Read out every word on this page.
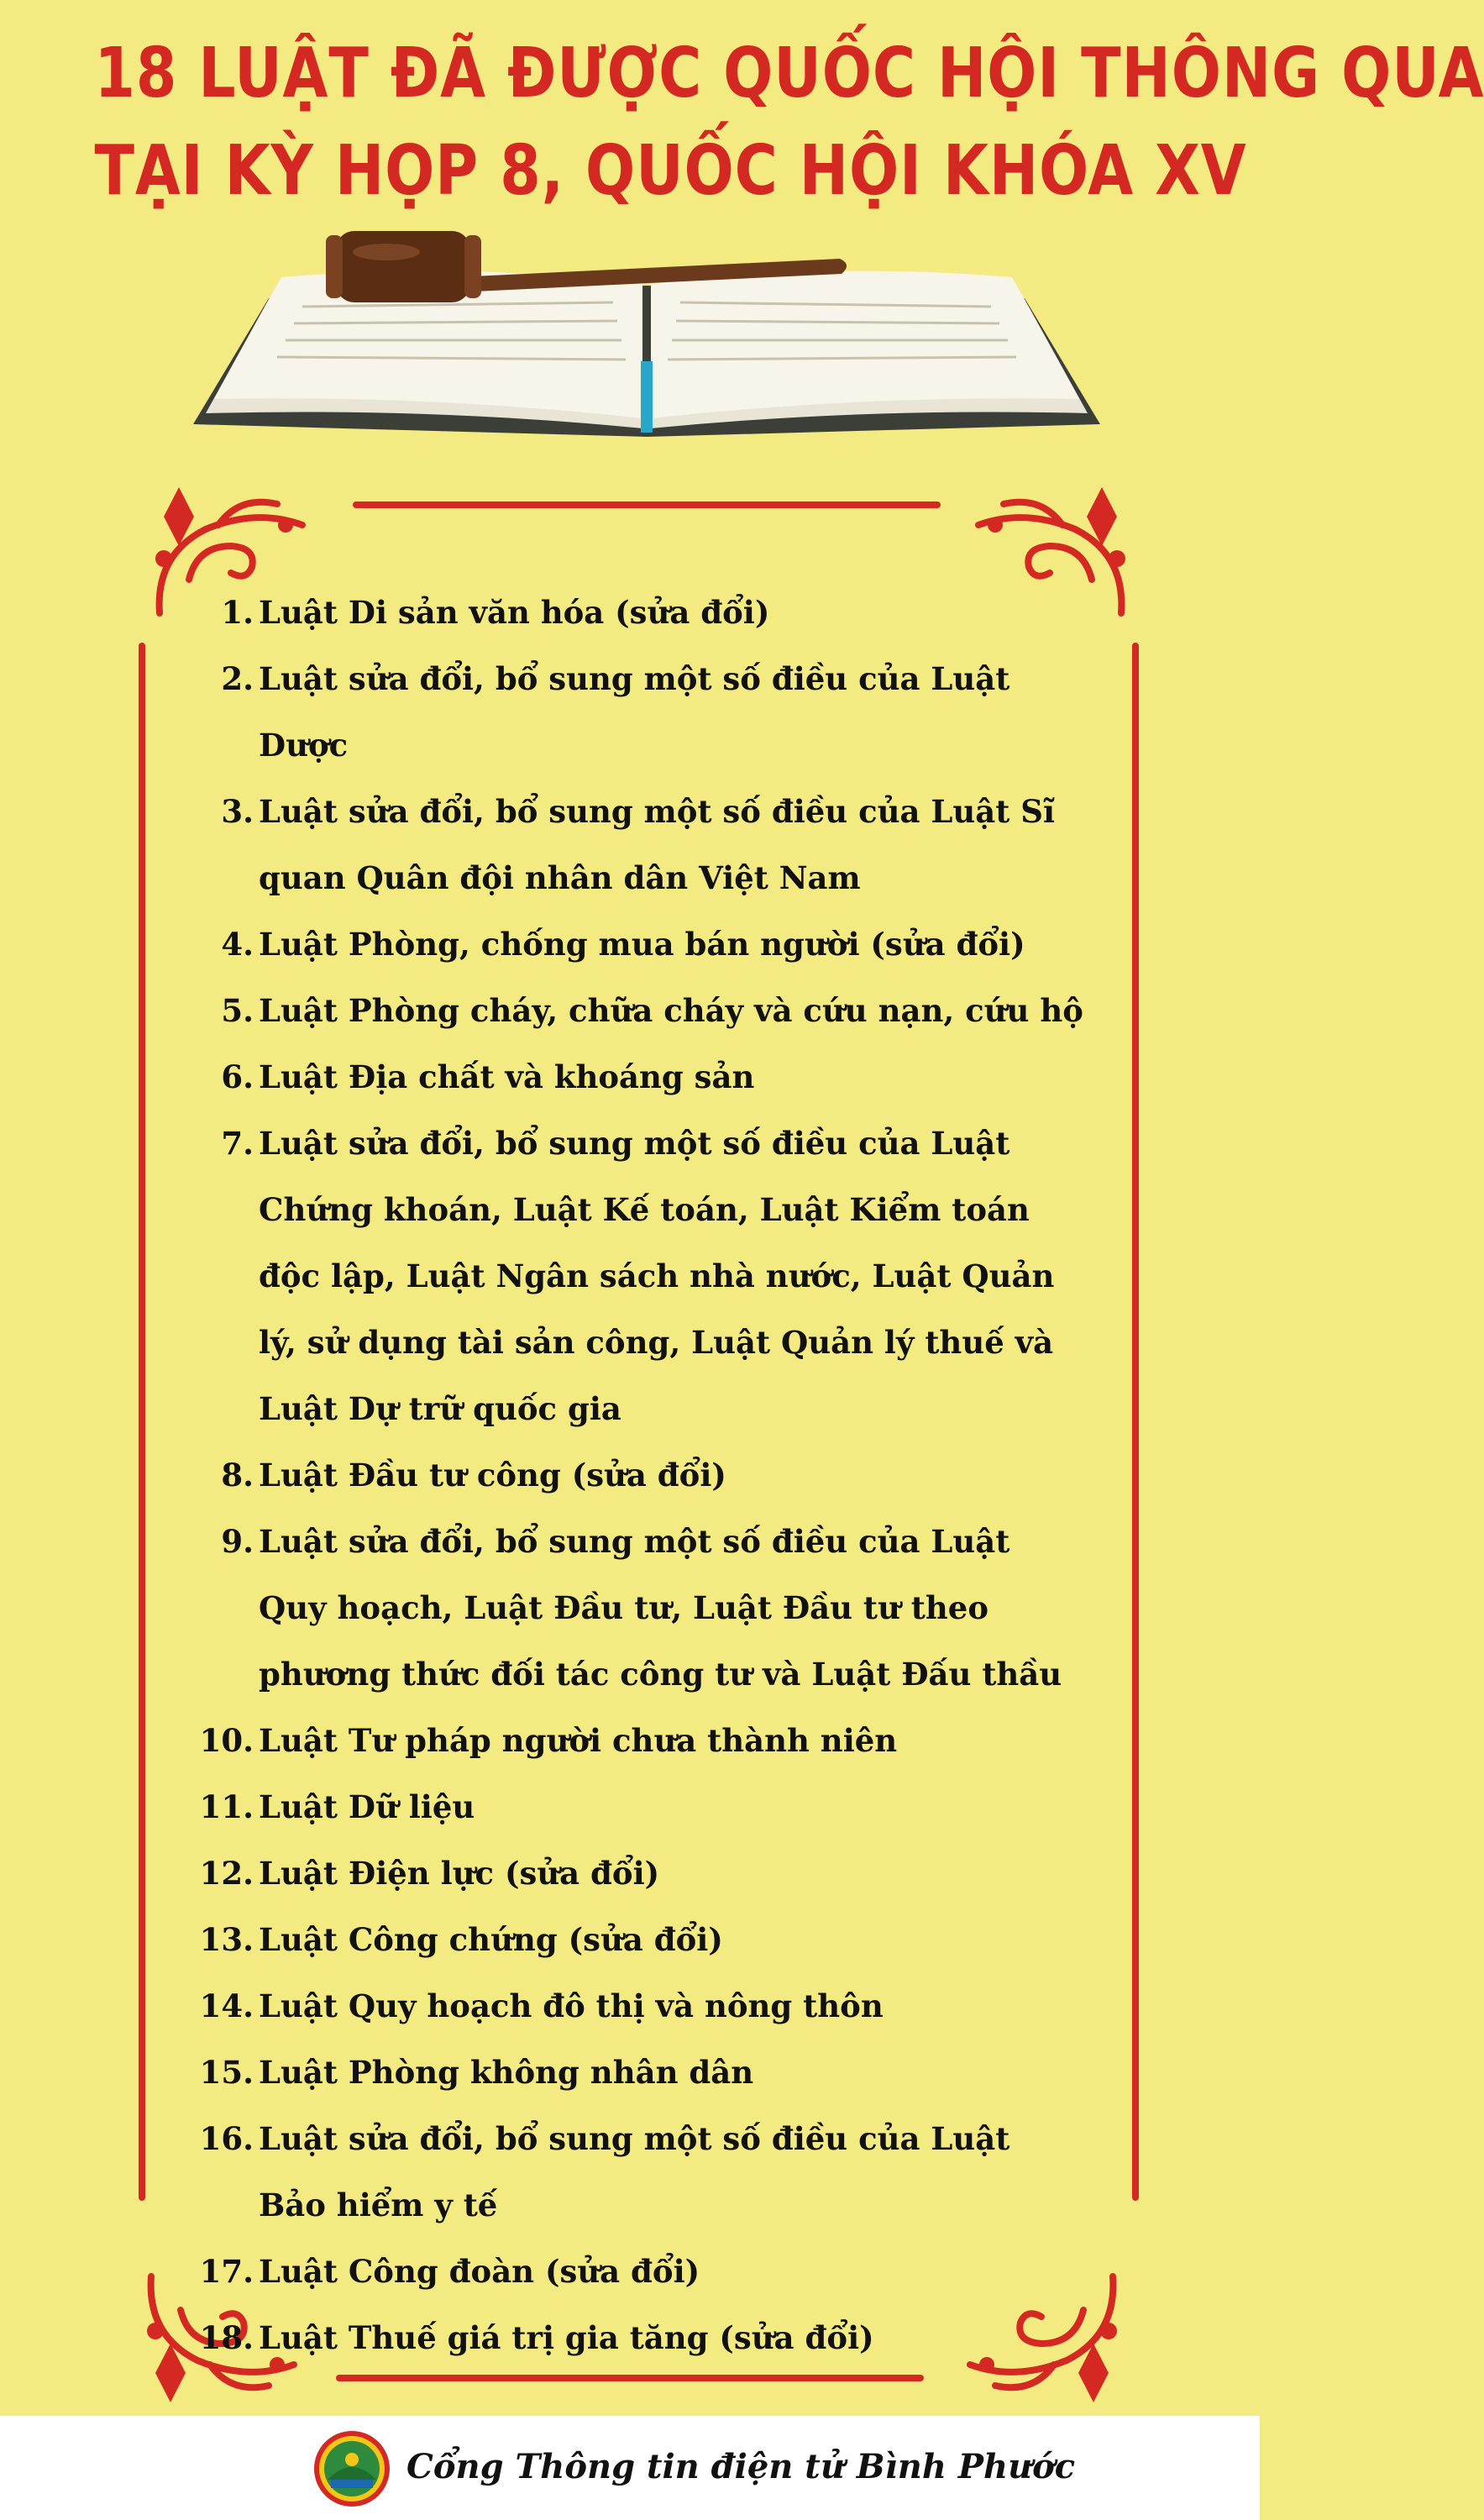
18 LUẬT ĐÃ ĐƯỢC QUỐC HỘI THÔNG QUA
TẠI KỲ HỌP 8, QUỐC HỘI KHÓA XV
1. Luật Di sản văn hóa (sửa đổi)
2. Luật sửa đổi, bổ sung một số điều của Luật Dược
3. Luật sửa đổi, bổ sung một số điều của Luật Sĩ quan Quân đội nhân dân Việt Nam
4. Luật Phòng, chống mua bán người (sửa đổi)
5. Luật Phòng cháy, chữa cháy và cứu nạn, cứu hộ
6. Luật Địa chất và khoáng sản
7. Luật sửa đổi, bổ sung một số điều của Luật Chứng khoán, Luật Kế toán, Luật Kiểm toán độc lập, Luật Ngân sách nhà nước, Luật Quản lý, sử dụng tài sản công, Luật Quản lý thuế và Luật Dự trữ quốc gia
8. Luật Đầu tư công (sửa đổi)
9. Luật sửa đổi, bổ sung một số điều của Luật Quy hoạch, Luật Đầu tư, Luật Đầu tư theo phương thức đối tác công tư và Luật Đấu thầu
10. Luật Tư pháp người chưa thành niên
11. Luật Dữ liệu
12. Luật Điện lực (sửa đổi)
13. Luật Công chứng (sửa đổi)
14. Luật Quy hoạch đô thị và nông thôn
15. Luật Phòng không nhân dân
16. Luật sửa đổi, bổ sung một số điều của Luật Bảo hiểm y tế
17. Luật Công đoàn (sửa đổi)
18. Luật Thuế giá trị gia tăng (sửa đổi)
Cổng Thông tin điện tử Bình Phước
